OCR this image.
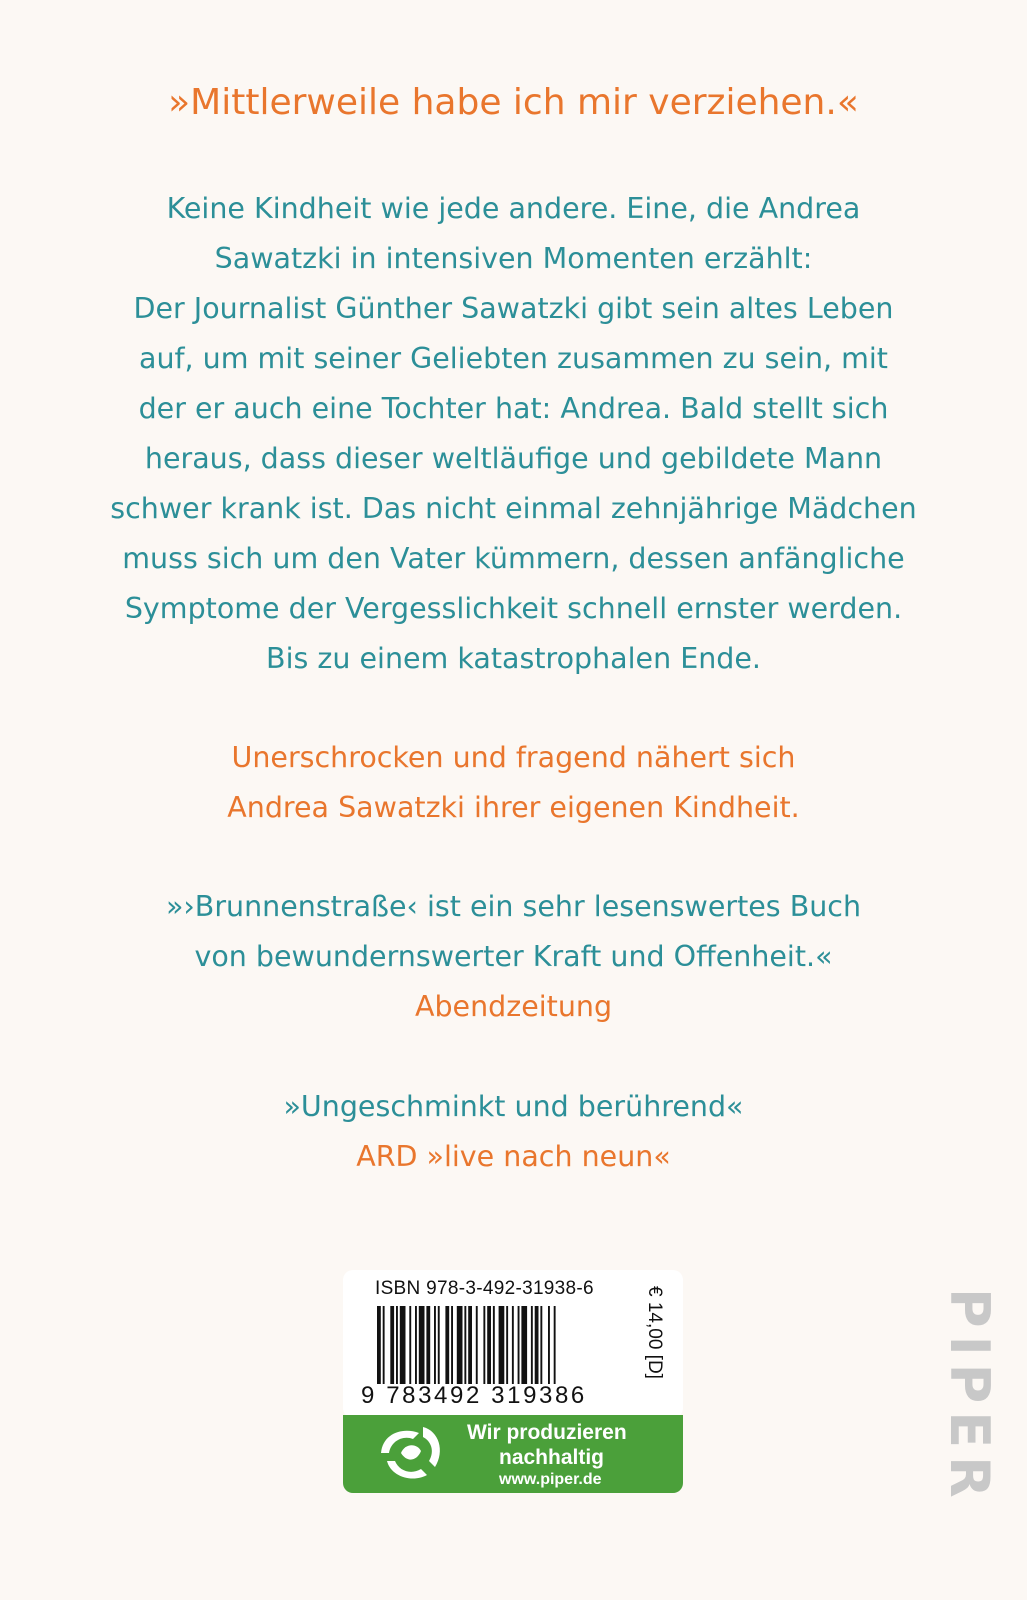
»Mittlerweile habe ich mir verziehen.«
Keine Kindheit wie jede andere. Eine, die Andrea
Sawatzki in intensiven Momenten erzählt:
Der Journalist Günther Sawatzki gibt sein altes Leben
auf, um mit seiner Geliebten zusammen zu sein, mit
der er auch eine Tochter hat: Andrea. Bald stellt sich
heraus, dass dieser weltläufige und gebildete Mann
schwer krank ist. Das nicht einmal zehnjährige Mädchen
muss sich um den Vater kümmern, dessen anfängliche
Symptome der Vergesslichkeit schnell ernster werden.
Bis zu einem katastrophalen Ende.
Unerschrocken und fragend nähert sich
Andrea Sawatzki ihrer eigenen Kindheit.
»›Brunnenstraße‹ ist ein sehr lesenswertes Buch
von bewundernswerter Kraft und Offenheit.«
Abendzeitung
»Ungeschminkt und berührend«
ARD »live nach neun«
ISBN 978-3-492-31938-6
9 783492 319386
€ 14,00 [D]
Wir produzieren
nachhaltig
www.piper.de	PIPER
